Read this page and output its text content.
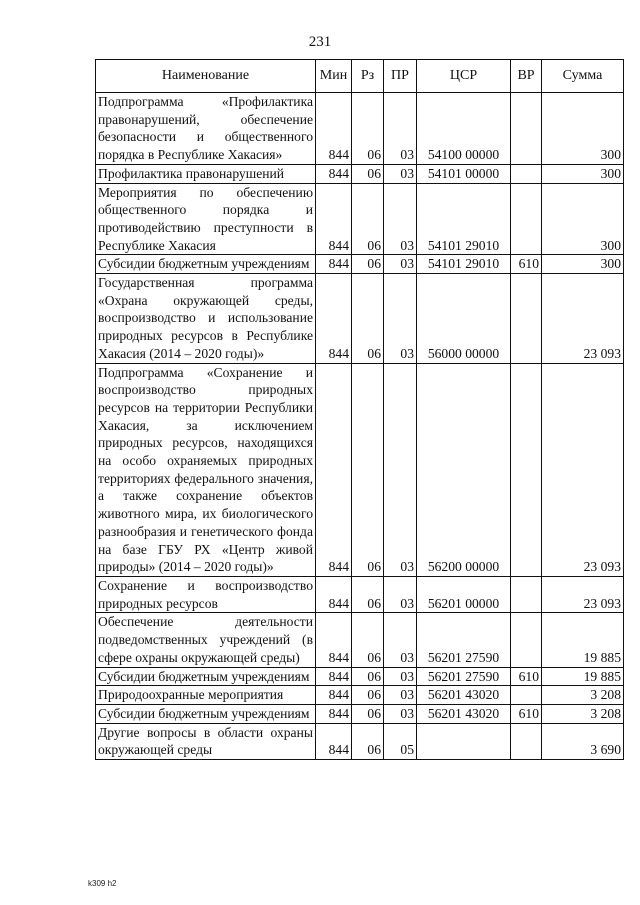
231
Наименование	Мин	Рз	ПР	ЦСР	ВР	Сумма
Подпрограмма «Профилактика правонарушений, обеспечение безопасности и общественного порядка в Республике Хакасия»	844	06	03	54100 00000		300
Профилактика правонарушений	844	06	03	54101 00000		300
Мероприятия по обеспечению общественного порядка и противодействию преступности в Республике Хакасия	844	06	03	54101 29010		300
Субсидии бюджетным учреждениям	844	06	03	54101 29010	610	300
Государственная программа «Охрана окружающей среды, воспроизводство и использование природных ресурсов в Республике Хакасия (2014 – 2020 годы)»	844	06	03	56000 00000		23 093
Подпрограмма «Сохранение и воспроизводство природных ресурсов на территории Республики Хакасия, за исключением природных ресурсов, находящихся на особо охраняемых природных территориях федерального значения, а также сохранение объектов животного мира, их биологического разнообразия и генетического фонда на базе ГБУ РХ «Центр живой природы» (2014 – 2020 годы)»	844	06	03	56200 00000		23 093
Сохранение и воспроизводство природных ресурсов	844	06	03	56201 00000		23 093
Обеспечение деятельности подведомственных учреждений (в сфере охраны окружающей среды)	844	06	03	56201 27590		19 885
Субсидии бюджетным учреждениям	844	06	03	56201 27590	610	19 885
Природоохранные мероприятия	844	06	03	56201 43020		3 208
Субсидии бюджетным учреждениям	844	06	03	56201 43020	610	3 208
Другие вопросы в области охраны окружающей среды	844	06	05			3 690
k309 h2
